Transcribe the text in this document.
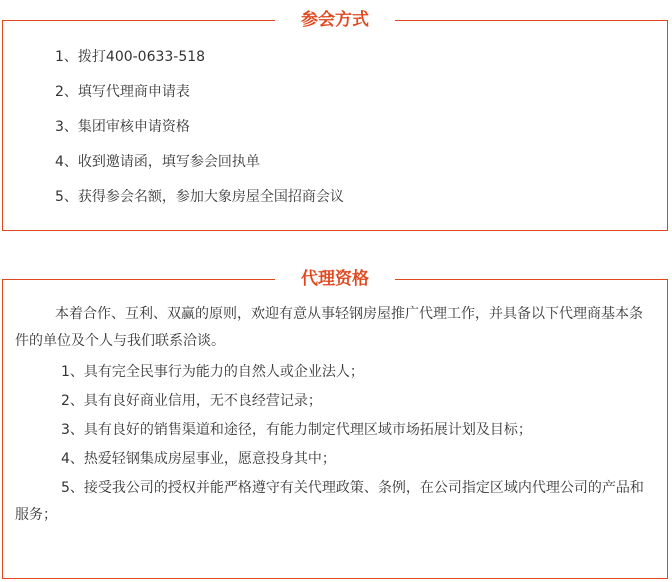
参会方式
1、拨打400-0633-518
2、填写代理商申请表
3、集团审核申请资格
4、收到邀请函，填写参会回执单
5、获得参会名额，参加大象房屋全国招商会议
代理资格

本着合作、互利、双赢的原则，欢迎有意从事轻钢房屋推广代理工作，并具备以下代理商基本条件的单位及个人与我们联系洽谈。

1、具有完全民事行为能力的自然人或企业法人；
2、具有良好商业信用，无不良经营记录；
3、具有良好的销售渠道和途径，有能力制定代理区域市场拓展计划及目标；
4、热爱轻钢集成房屋事业，愿意投身其中；
5、接受我公司的授权并能严格遵守有关代理政策、条例，在公司指定区域内代理公司的产品和服务；
